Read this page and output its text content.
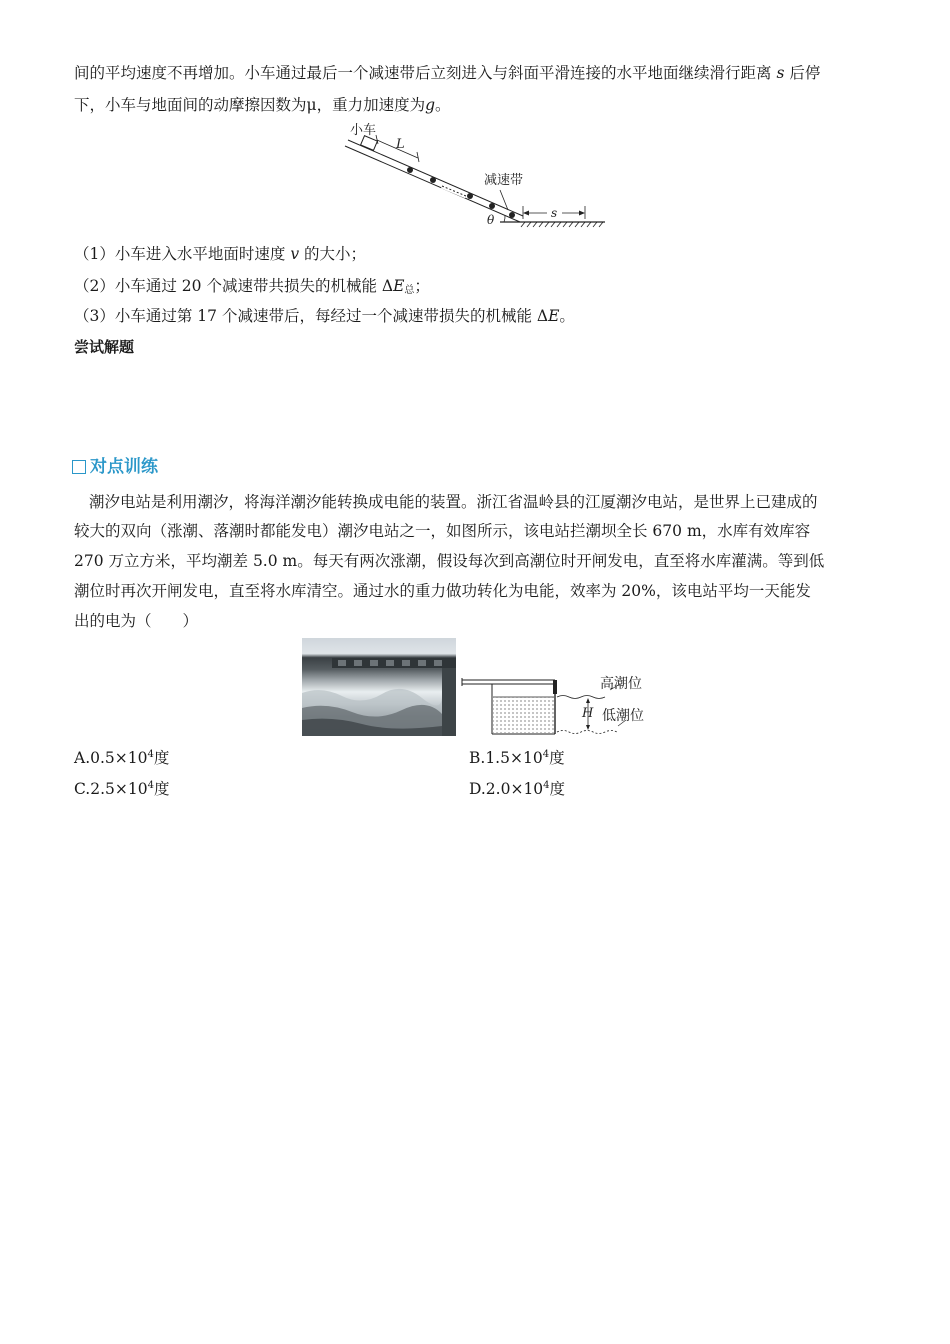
间的平均速度不再增加。小车通过最后一个减速带后立刻进入与斜面平滑连接的水平地面继续滑行距离 s 后停
下，小车与地面间的动摩擦因数为μ，重力加速度为g。
小车
L
减速带
s
θ
（1）小车进入水平地面时速度 v 的大小；
（2）小车通过 20 个减速带共损失的机械能 ΔE总；
（3）小车通过第 17 个减速带后，每经过一个减速带损失的机械能 ΔE。
尝试解题
对点训练
潮汐电站是利用潮汐，将海洋潮汐能转换成电能的装置。浙江省温岭县的江厦潮汐电站，是世界上已建成的
较大的双向（涨潮、落潮时都能发电）潮汐电站之一，如图所示，该电站拦潮坝全长 670 m，水库有效库容
270 万立方米，平均潮差 5.0 m。每天有两次涨潮，假设每次到高潮位时开闸发电，直至将水库灌满。等到低
潮位时再次开闸发电，直至将水库清空。通过水的重力做功转化为电能，效率为 20%，该电站平均一天能发
出的电为（　　）
高潮位
H 低潮位
$A.0.5\times 10^4$度	$B.1.5\times 10^4$度
$C.2.5\times 10^4$度	$D.2.0\times 10^4$度
